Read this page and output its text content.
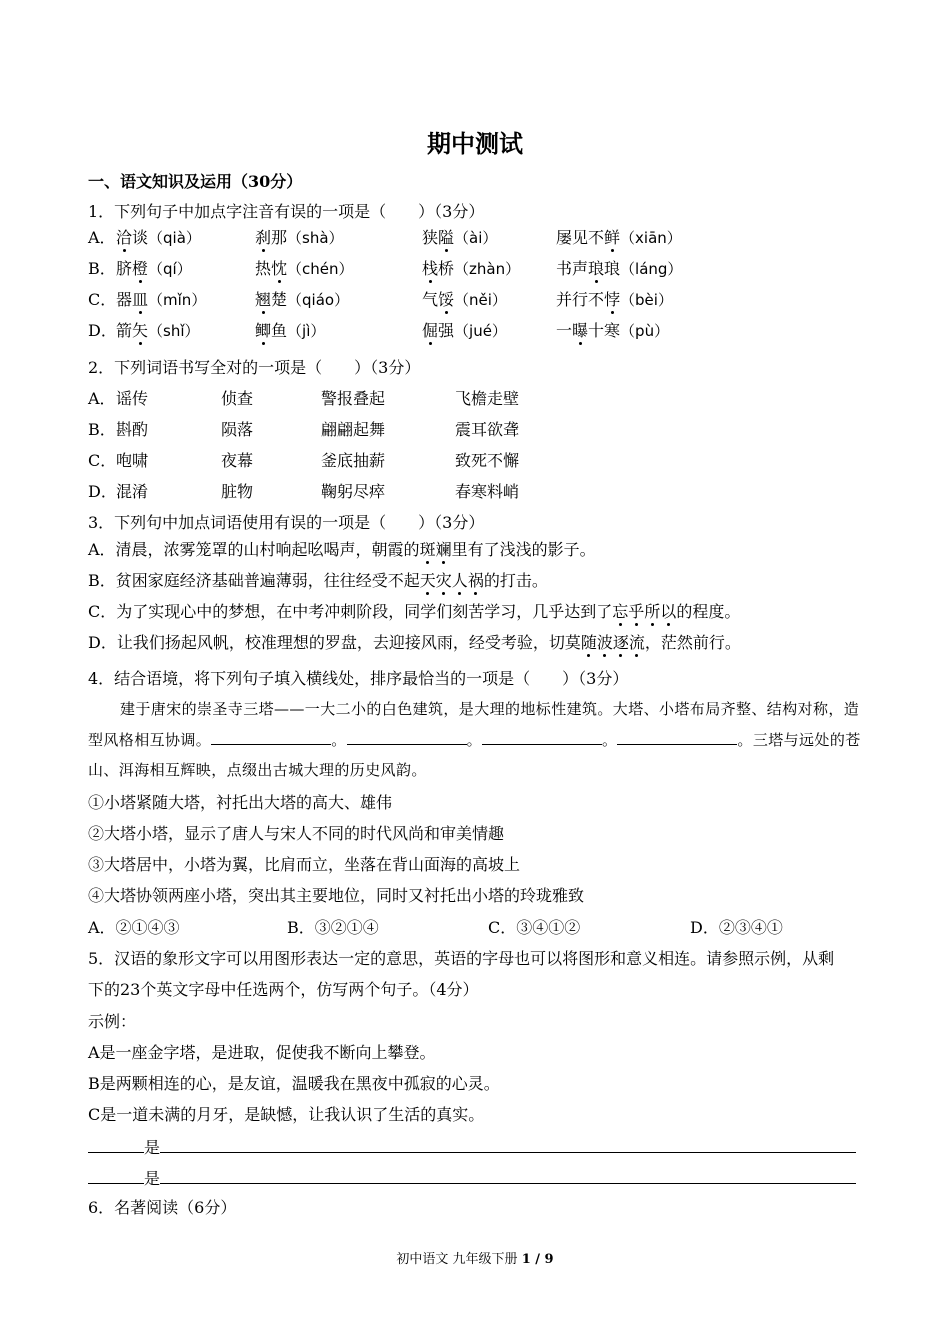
期中测试
一、语文知识及运用（30分）
1．下列句子中加点字注音有误的一项是（　　）（3分）
A． 洽谈（qià）	刹那（shà）	狭隘（ài）	屡见不鲜（xiān）
B． 脐橙（qí）	热忱（chén）	栈桥（zhàn） 书声琅琅（láng）
C． 器皿（mǐn）	翘楚（qiáo）	气馁（něi）	并行不悖（bèi）
D． 箭矢（shǐ）	鲫鱼（jì）	倔强（jué）	一曝十寒（pù）
2．下列词语书写全对的一项是（　　）（3分）
A． 谣传	侦查	警报叠起	飞檐走壁
B． 斟酌	陨落	翩翩起舞	震耳欲聋
C． 咆啸	夜幕	釜底抽薪	致死不懈
D． 混淆	脏物	鞠躬尽瘁	春寒料峭
3．下列句中加点词语使用有误的一项是（　　）（3分）
A．清晨，浓雾笼罩的山村响起吆喝声，朝霞的斑斓里有了浅浅的影子。
B．贫困家庭经济基础普遍薄弱，往往经受不起天灾人祸的打击。
C．为了实现心中的梦想，在中考冲刺阶段，同学们刻苦学习，几乎达到了忘乎所以的程度。
D．让我们扬起风帆，校准理想的罗盘，去迎接风雨，经受考验，切莫随波逐流，茫然前行。
4．结合语境，将下列句子填入横线处，排序最恰当的一项是（　　）（3分）
建于唐宋的崇圣寺三塔——一大二小的白色建筑，是大理的地标性建筑。大塔、小塔布局齐整、结构对称，造型风格相互协调。	。	。	。	。三塔与远处的苍山、洱海相互辉映，点缀出古城大理的历史风韵。
①小塔紧随大塔，衬托出大塔的高大、雄伟
②大塔小塔，显示了唐人与宋人不同的时代风尚和审美情趣
③大塔居中，小塔为翼，比肩而立，坐落在背山面海的高坡上
④大塔协领两座小塔，突出其主要地位，同时又衬托出小塔的玲珑雅致
A．②①④③	B．③②①④	C．③④①②	D．②③④①
5．汉语的象形文字可以用图形表达一定的意思，英语的字母也可以将图形和意义相连。请参照示例，从剩
下的23个英文字母中任选两个，仿写两个句子。（4分）
示例：
A是一座金字塔，是进取，促使我不断向上攀登。
B是两颗相连的心，是友谊，温暖我在黑夜中孤寂的心灵。
C是一道未满的月牙，是缺憾，让我认识了生活的真实。
是
是
6．名著阅读（6分）
初中语文 九年级下册 1 / 9
